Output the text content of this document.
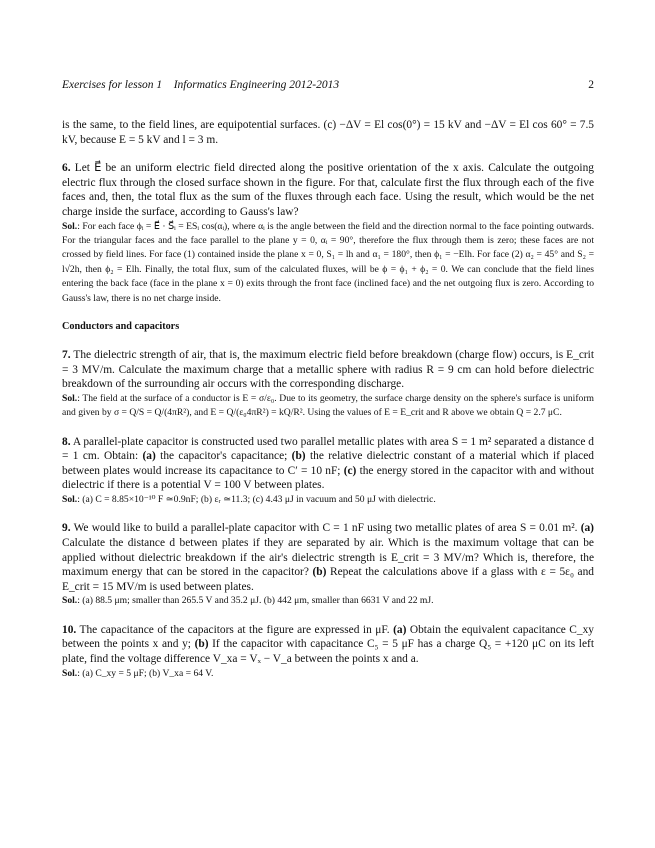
Exercises for lesson 1 Informatics Engineering 2012-2013	2

is the same, to the field lines, are equipotential surfaces. (c) −ΔV = El cos(0°) = 15 kV and −ΔV = El cos 60° = 7.5 kV, because E = 5 kV and l = 3 m.

6. Let E⃗ be an uniform electric field directed along the positive orientation of the x axis. Calculate the outgoing electric flux through the closed surface shown in the figure. For that, calculate first the flux through each of the five faces and, then, the total flux as the sum of the fluxes through each face. Using the result, which would be the net charge inside the surface, according to Gauss's law?

Sol.: For each face ϕᵢ = E⃗ · S⃗ᵢ = ESᵢ cos(αᵢ), where αᵢ is the angle between the field and the direction normal to the face pointing outwards. For the triangular faces and the face parallel to the plane y = 0, αᵢ = 90°, therefore the flux through them is zero; these faces are not crossed by field lines. For face (1) contained inside the plane x = 0, S₁ = lh and α₁ = 180°, then ϕ₁ = −Elh. For face (2) α₂ = 45° and S₂ = l√2h, then ϕ₂ = Elh. Finally, the total flux, sum of the calculated fluxes, will be ϕ = ϕ₁ + ϕ₂ = 0. We can conclude that the field lines entering the back face (face in the plane x = 0) exits through the front face (inclined face) and the net outgoing flux is zero. According to Gauss's law, there is no net charge inside.

Conductors and capacitors

7. The dielectric strength of air, that is, the maximum electric field before breakdown (charge flow) occurs, is E_crit = 3 MV/m. Calculate the maximum charge that a metallic sphere with radius R = 9 cm can hold before dielectric breakdown of the surrounding air occurs with the corresponding discharge.

Sol.: The field at the surface of a conductor is E = σ/ε₀. Due to its geometry, the surface charge density on the sphere's surface is uniform and given by σ = Q/S = Q/(4πR²), and E = Q/(ε₀4πR²) = kQ/R². Using the values of E = E_crit and R above we obtain Q = 2.7 μC.

8. A parallel-plate capacitor is constructed used two parallel metallic plates with area S = 1 m² separated a distance d = 1 cm. Obtain: (a) the capacitor's capacitance; (b) the relative dielectric constant of a material which if placed between plates would increase its capacitance to C′ = 10 nF; (c) the energy stored in the capacitor with and without dielectric if there is a potential V = 100 V between plates.

Sol.: (a) C = 8.85×10⁻¹⁰ F ≃0.9nF; (b) εᵣ ≃11.3; (c) 4.43 μJ in vacuum and 50 μJ with dielectric.

9. We would like to build a parallel-plate capacitor with C = 1 nF using two metallic plates of area S = 0.01 m². (a) Calculate the distance d between plates if they are separated by air. Which is the maximum voltage that can be applied without dielectric breakdown if the air's dielectric strength is E_crit = 3 MV/m? Which is, therefore, the maximum energy that can be stored in the capacitor? (b) Repeat the calculations above if a glass with ε = 5ε₀ and E_crit = 15 MV/m is used between plates.

Sol.: (a) 88.5 μm; smaller than 265.5 V and 35.2 μJ. (b) 442 μm, smaller than 6631 V and 22 mJ.

10. The capacitance of the capacitors at the figure are expressed in μF. (a) Obtain the equivalent capacitance C_xy between the points x and y; (b) If the capacitor with capacitance C₅ = 5 μF has a charge Q₅ = +120 μC on its left plate, find the voltage difference V_xa = Vₓ − V_a between the points x and a.

Sol.: (a) C_xy = 5 μF; (b) V_xa = 64 V.
